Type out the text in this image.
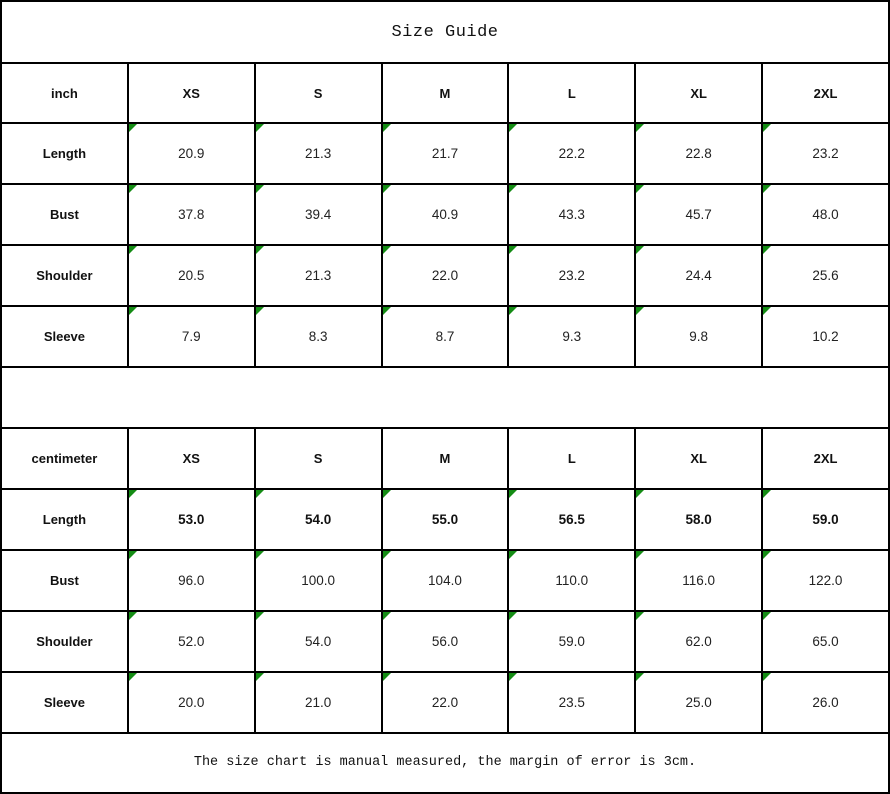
Size Guide						
inch	XS	S	M	L	XL	2XL
Length	20.9	21.3	21.7	22.2	22.8	23.2
Bust	37.8	39.4	40.9	43.3	45.7	48.0
Shoulder	20.5	21.3	22.0	23.2	24.4	25.6
Sleeve	7.9	8.3	8.7	9.3	9.8	10.2

centimeter	XS	S	M	L	XL	2XL
Length	53.0	54.0	55.0	56.5	58.0	59.0
Bust	96.0	100.0	104.0	110.0	116.0	122.0
Shoulder	52.0	54.0	56.0	59.0	62.0	65.0
Sleeve	20.0	21.0	22.0	23.5	25.0	26.0
The size chart is manual measured, the margin of error is 3cm.						
